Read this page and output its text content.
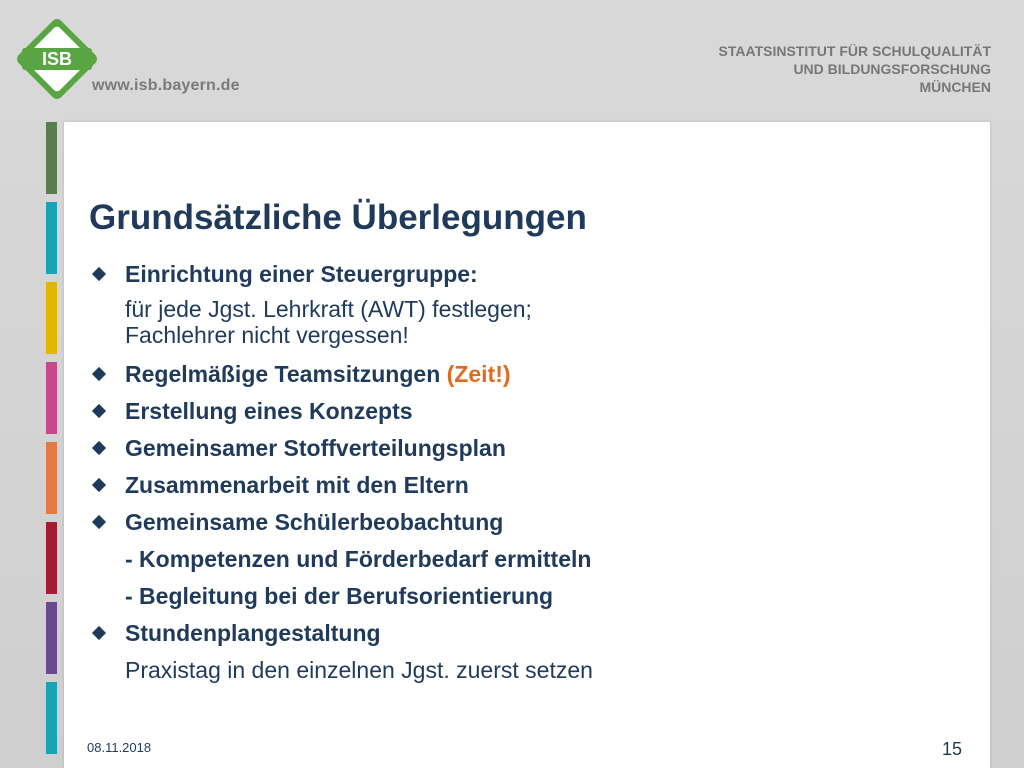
ISB
www.isb.bayern.de
STAATSINSTITUT FÜR SCHULQUALITÄT
UND BILDUNGSFORSCHUNG
MÜNCHEN
Grundsätzliche Überlegungen
Einrichtung einer Steuergruppe:
für jede Jgst. Lehrkraft (AWT) festlegen;
Fachlehrer nicht vergessen!
Regelmäßige Teamsitzungen (Zeit!)
Erstellung eines Konzepts
Gemeinsamer Stoffverteilungsplan
Zusammenarbeit mit den Eltern
Gemeinsame Schülerbeobachtung
- Kompetenzen und Förderbedarf ermitteln
- Begleitung bei der Berufsorientierung
Stundenplangestaltung
Praxistag in den einzelnen Jgst. zuerst setzen
08.11.2018	15
